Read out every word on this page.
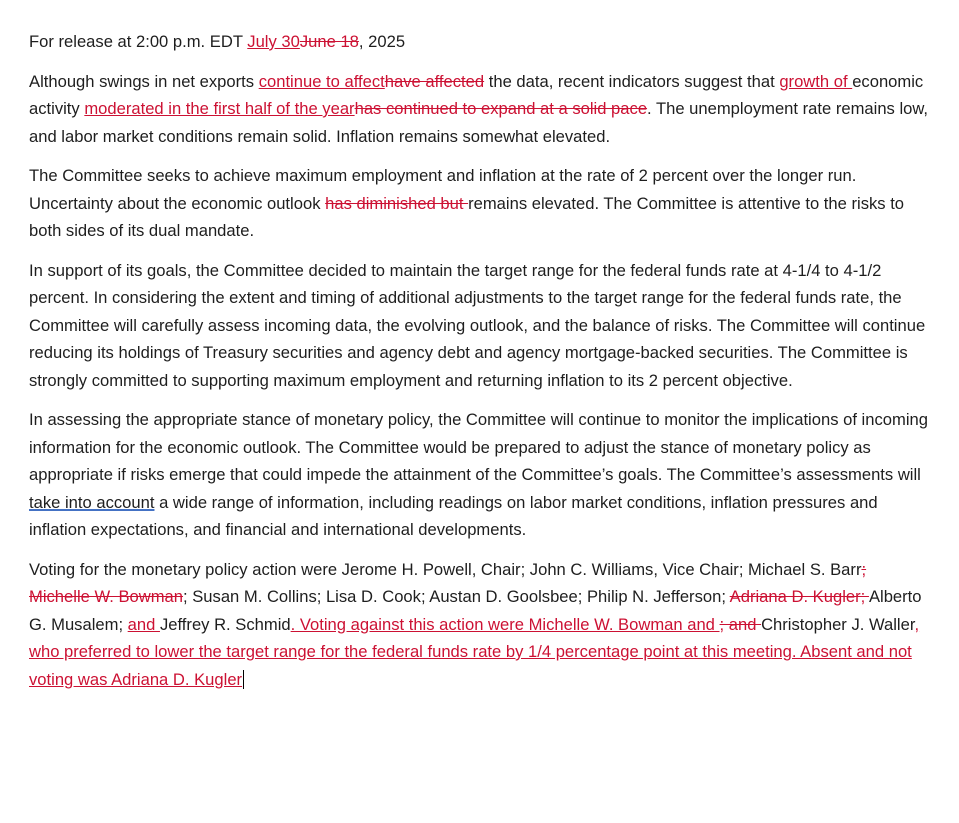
For release at 2:00 p.m. EDT July 30June 18, 2025

Although swings in net exports continue to affecthave affected the data, recent indicators suggest that growth of economic activity moderated in the first half of the yearhas continued to expand at a solid pace. The unemployment rate remains low, and labor market conditions remain solid. Inflation remains somewhat elevated.

The Committee seeks to achieve maximum employment and inflation at the rate of 2 percent over the longer run. Uncertainty about the economic outlook has diminished but remains elevated. The Committee is attentive to the risks to both sides of its dual mandate.

In support of its goals, the Committee decided to maintain the target range for the federal funds rate at 4-1/4 to 4-1/2 percent. In considering the extent and timing of additional adjustments to the target range for the federal funds rate, the Committee will carefully assess incoming data, the evolving outlook, and the balance of risks. The Committee will continue reducing its holdings of Treasury securities and agency debt and agency mortgage-backed securities. The Committee is strongly committed to supporting maximum employment and returning inflation to its 2 percent objective.

In assessing the appropriate stance of monetary policy, the Committee will continue to monitor the implications of incoming information for the economic outlook. The Committee would be prepared to adjust the stance of monetary policy as appropriate if risks emerge that could impede the attainment of the Committee’s goals. The Committee’s assessments will take into account a wide range of information, including readings on labor market conditions, inflation pressures and inflation expectations, and financial and international developments.

Voting for the monetary policy action were Jerome H. Powell, Chair; John C. Williams, Vice Chair; Michael S. Barr; Michelle W. Bowman; Susan M. Collins; Lisa D. Cook; Austan D. Goolsbee; Philip N. Jefferson; Adriana D. Kugler; Alberto G. Musalem; and Jeffrey R. Schmid. Voting against this action were Michelle W. Bowman and ; and Christopher J. Waller, who preferred to lower the target range for the federal funds rate by 1/4 percentage point at this meeting. Absent and not voting was Adriana D. Kugler
